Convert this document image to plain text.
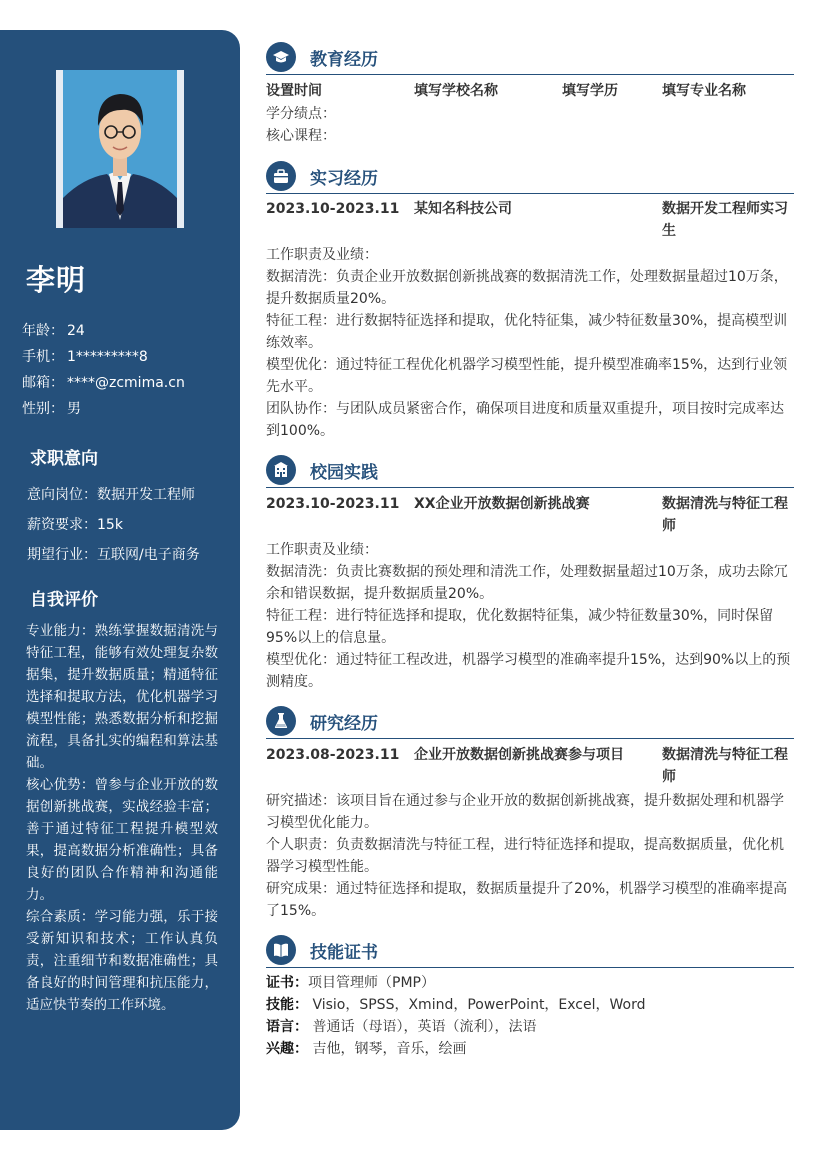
李明
年龄： 24
手机： 1*********8
邮箱： ****@zcmima.cn
性别： 男
求职意向
意向岗位：数据开发工程师
薪资要求：15k
期望行业：互联网/电子商务
自我评价

专业能力：熟练掌握数据清洗与特征工程，能够有效处理复杂数据集，提升数据质量；精通特征选择和提取方法，优化机器学习模型性能；熟悉数据分析和挖掘流程，具备扎实的编程和算法基础。

核心优势：曾参与企业开放的数据创新挑战赛，实战经验丰富；善于通过特征工程提升模型效果，提高数据分析准确性；具备良好的团队合作精神和沟通能力。

综合素质：学习能力强，乐于接受新知识和技术；工作认真负责，注重细节和数据准确性；具备良好的时间管理和抗压能力，适应快节奏的工作环境。

教育经历
设置时间	填写学校名称	填写学历	填写专业名称

学分绩点：

核心课程：

实习经历
2023.10-2023.11 某知名科技公司	数据开发工程师实习生

工作职责及业绩：

数据清洗：负责企业开放数据创新挑战赛的数据清洗工作，处理数据量超过10万条，提升数据质量20%。

特征工程：进行数据特征选择和提取，优化特征集，减少特征数量30%，提高模型训练效率。

模型优化：通过特征工程优化机器学习模型性能，提升模型准确率15%，达到行业领先水平。

团队协作：与团队成员紧密合作，确保项目进度和质量双重提升，项目按时完成率达到100%。

校园实践
2023.10-2023.11 XX企业开放数据创新挑战赛	数据清洗与特征工程师

工作职责及业绩：

数据清洗：负责比赛数据的预处理和清洗工作，处理数据量超过10万条，成功去除冗余和错误数据，提升数据质量20%。

特征工程：进行特征选择和提取，优化数据特征集，减少特征数量30%，同时保留95%以上的信息量。

模型优化：通过特征工程改进，机器学习模型的准确率提升15%，达到90%以上的预测精度。

研究经历
2023.08-2023.11 企业开放数据创新挑战赛参与项目	数据清洗与特征工程师

研究描述：该项目旨在通过参与企业开放的数据创新挑战赛，提升数据处理和机器学习模型优化能力。

个人职责：负责数据清洗与特征工程，进行特征选择和提取，提高数据质量，优化机器学习模型性能。

研究成果：通过特征选择和提取，数据质量提升了20%，机器学习模型的准确率提高了15%。

技能证书

证书：项目管理师（PMP）

技能： Visio，SPSS，Xmind，PowerPoint，Excel，Word

语言： 普通话（母语），英语（流利），法语

兴趣： 吉他，钢琴，音乐，绘画
